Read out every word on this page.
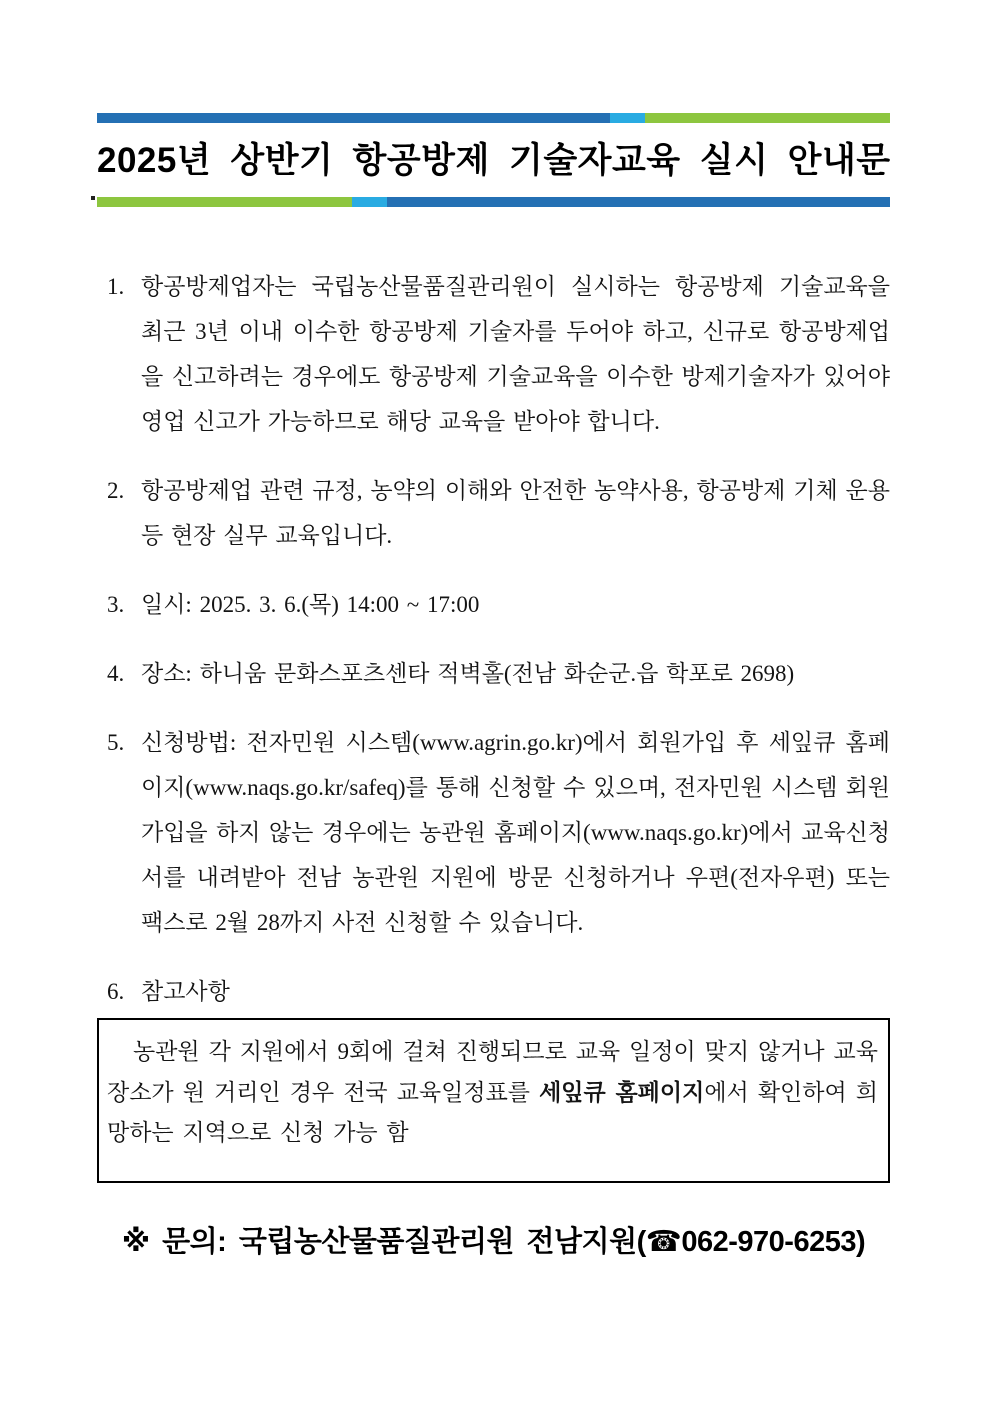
2025년 상반기 항공방제 기술자교육 실시 안내문
1. 항공방제업자는 국립농산물품질관리원이 실시하는 항공방제 기술교육을 최근 3년 이내 이수한 항공방제 기술자를 두어야 하고, 신규로 항공방제업을 신고하려는 경우에도 항공방제 기술교육을 이수한 방제기술자가 있어야 영업 신고가 가능하므로 해당 교육을 받아야 합니다.
2. 항공방제업 관련 규정, 농약의 이해와 안전한 농약사용, 항공방제 기체 운용 등 현장 실무 교육입니다.
3. 일시: 2025. 3. 6.(목) 14:00 ~ 17:00
4. 장소: 하니움 문화스포츠센타 적벽홀(전남 화순군.읍 학포로 2698)
5. 신청방법: 전자민원 시스템(www.agrin.go.kr)에서 회원가입 후 세잎큐 홈페이지(www.naqs.go.kr/safeq)를 통해 신청할 수 있으며, 전자민원 시스템 회원가입을 하지 않는 경우에는 농관원 홈페이지(www.naqs.go.kr)에서 교육신청서를 내려받아 전남 농관원 지원에 방문 신청하거나 우편(전자우편) 또는 팩스로 2월 28까지 사전 신청할 수 있습니다.
6. 참고사항

농관원 각 지원에서 9회에 걸쳐 진행되므로 교육 일정이 맞지 않거나 교육 장소가 원 거리인 경우 전국 교육일정표를 세잎큐 홈페이지에서 확인하여 희망하는 지역으로 신청 가능 함

※ 문의: 국립농산물품질관리원 전남지원(☎062-970-6253)
